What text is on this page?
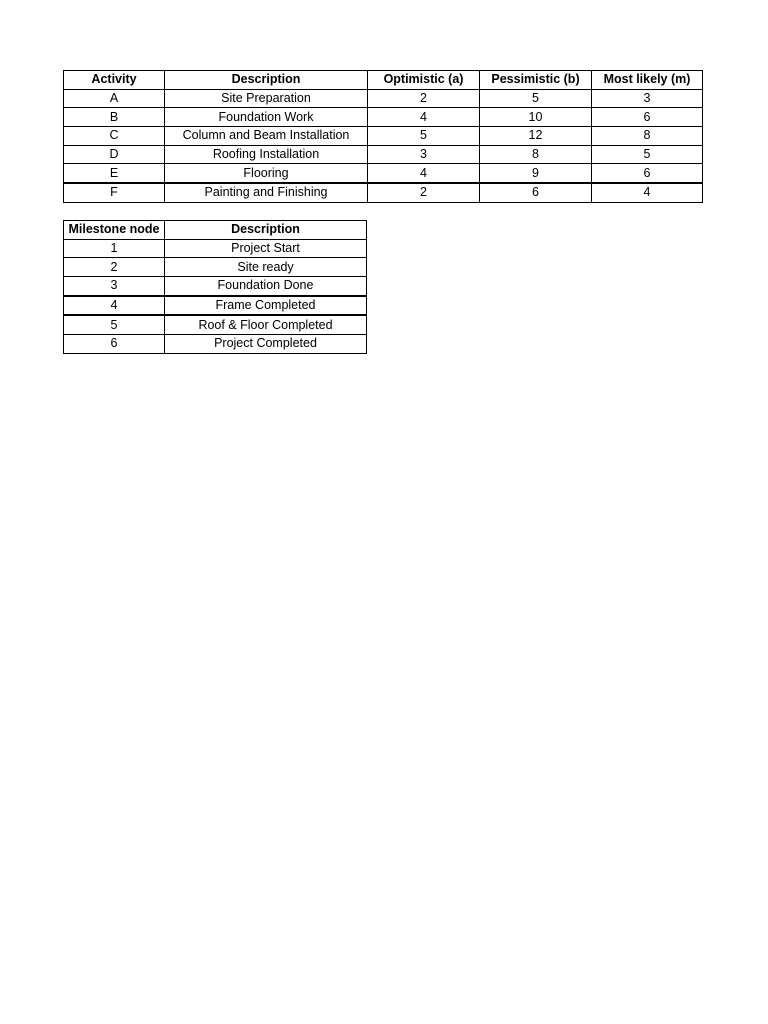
Activity	Description	Optimistic (a)	Pessimistic (b)	Most likely (m)
A	Site Preparation	2	5	3
B	Foundation Work	4	10	6
C	Column and Beam Installation	5	12	8
D	Roofing Installation	3	8	5
E	Flooring	4	9	6
F	Painting and Finishing	2	6	4
Milestone node	Description
1	Project Start
2	Site ready
3	Foundation Done
4	Frame Completed
5	Roof & Floor Completed
6	Project Completed
